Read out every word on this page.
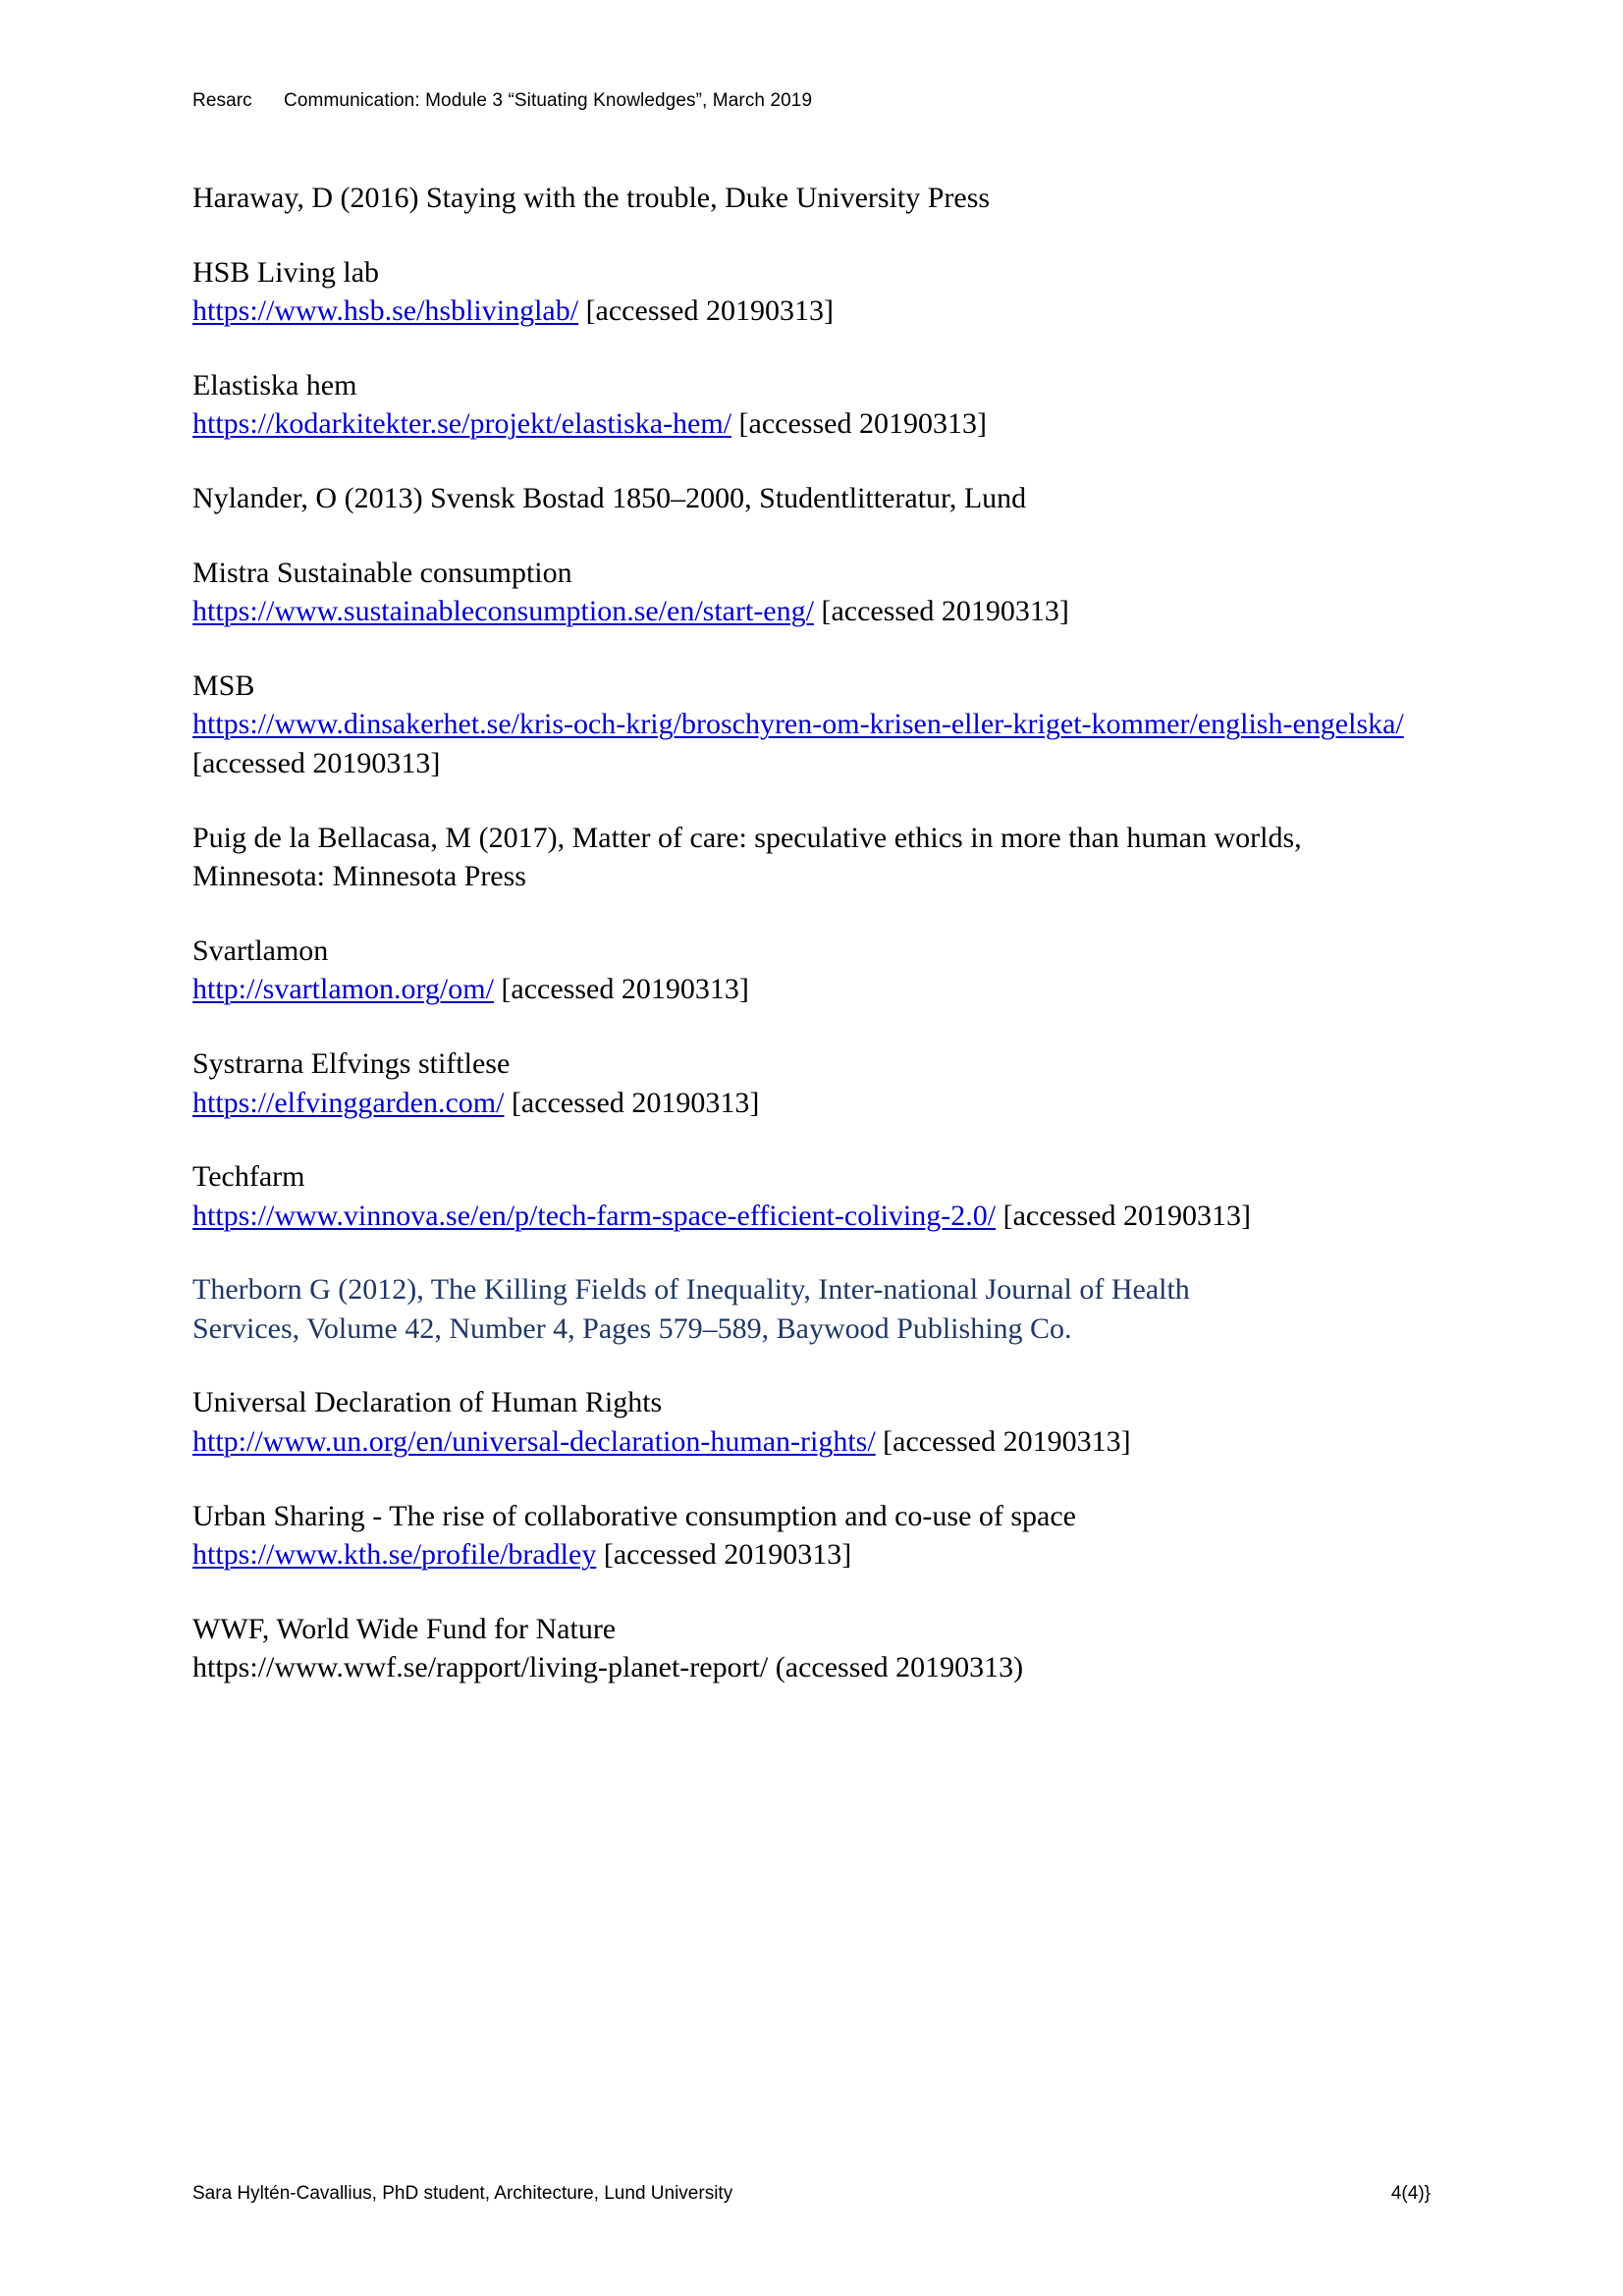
Resarc      Communication: Module 3 “Situating Knowledges”, March 2019

Haraway, D (2016) Staying with the trouble, Duke University Press

HSB Living lab
https://www.hsb.se/hsblivinglab/ [accessed 20190313]

Elastiska hem
https://kodarkitekter.se/projekt/elastiska-hem/ [accessed 20190313]

Nylander, O (2013) Svensk Bostad 1850–2000, Studentlitteratur, Lund

Mistra Sustainable consumption
https://www.sustainableconsumption.se/en/start-eng/ [accessed 20190313]

MSB
https://www.dinsakerhet.se/kris-och-krig/broschyren-om-krisen-eller-kriget-kommer/english-engelska/ [accessed 20190313]

Puig de la Bellacasa, M (2017), Matter of care: speculative ethics in more than human worlds,
Minnesota: Minnesota Press

Svartlamon
http://svartlamon.org/om/ [accessed 20190313]

Systrarna Elfvings stiftlese
https://elfvinggarden.com/ [accessed 20190313]

Techfarm
https://www.vinnova.se/en/p/tech-farm-space-efficient-coliving-2.0/ [accessed 20190313]

Therborn G (2012), The Killing Fields of Inequality, Inter-national Journal of Health
Services, Volume 42, Number 4, Pages 579–589, Baywood Publishing Co.

Universal Declaration of Human Rights
http://www.un.org/en/universal-declaration-human-rights/ [accessed 20190313]

Urban Sharing - The rise of collaborative consumption and co-use of space
https://www.kth.se/profile/bradley [accessed 20190313]

WWF, World Wide Fund for Nature
https://www.wwf.se/rapport/living-planet-report/ (accessed 20190313)

Sara Hyltén-Cavallius, PhD student, Architecture, Lund University	4(4)}
